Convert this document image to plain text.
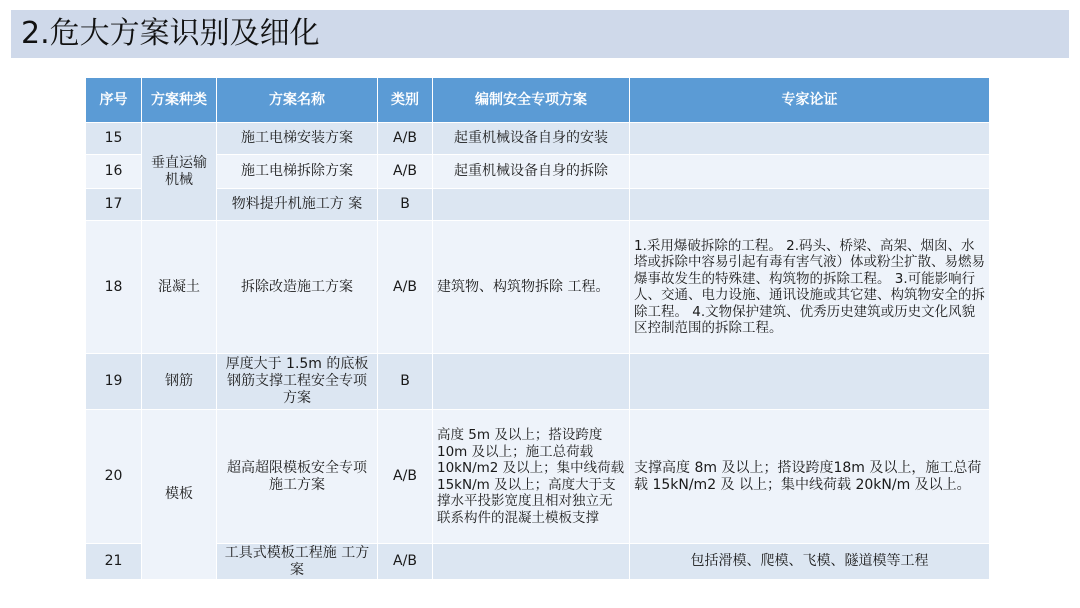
2.危大方案识别及细化
序号	方案种类	方案名称	类别	编制安全专项方案	专家论证
15	垂直运输机械	施工电梯安装方案	A/B	起重机械设备自身的安装	
16		施工电梯拆除方案	A/B	起重机械设备自身的拆除	
17		物料提升机施工方 案	B		
18	混凝土	拆除改造施工方案	A/B	建筑物、构筑物拆除 工程。	1.采用爆破拆除的工程。 2.码头、桥梁、高架、烟囱、水塔或拆除中容易引起有毒有害气液）体或粉尘扩散、易燃易爆事故发生的特殊建、构筑物的拆除工程。 3.可能影响行人、交通、电力设施、通讯设施或其它建、构筑物安全的拆除工程。 4.文物保护建筑、优秀历史建筑或历史文化风貌区控制范围的拆除工程。
19	钢筋	厚度大于 1.5m 的底板钢筋支撑工程安全专项方案	B		
20	模板	超高超限模板安全专项施工方案	A/B	高度 5m 及以上；搭设跨度 10m 及以上；施工总荷载 10kN/m2 及以上；集中线荷载 15kN/m 及以上；高度大于支撑水平投影宽度且相对独立无联系构件的混凝土模板支撑	支撑高度 8m 及以上；搭设跨度18m 及以上，施工总荷载 15kN/m2 及 以上；集中线荷载 20kN/m 及以上。
21		工具式模板工程施 工方案	A/B		包括滑模、爬模、飞模、隧道模等工程
